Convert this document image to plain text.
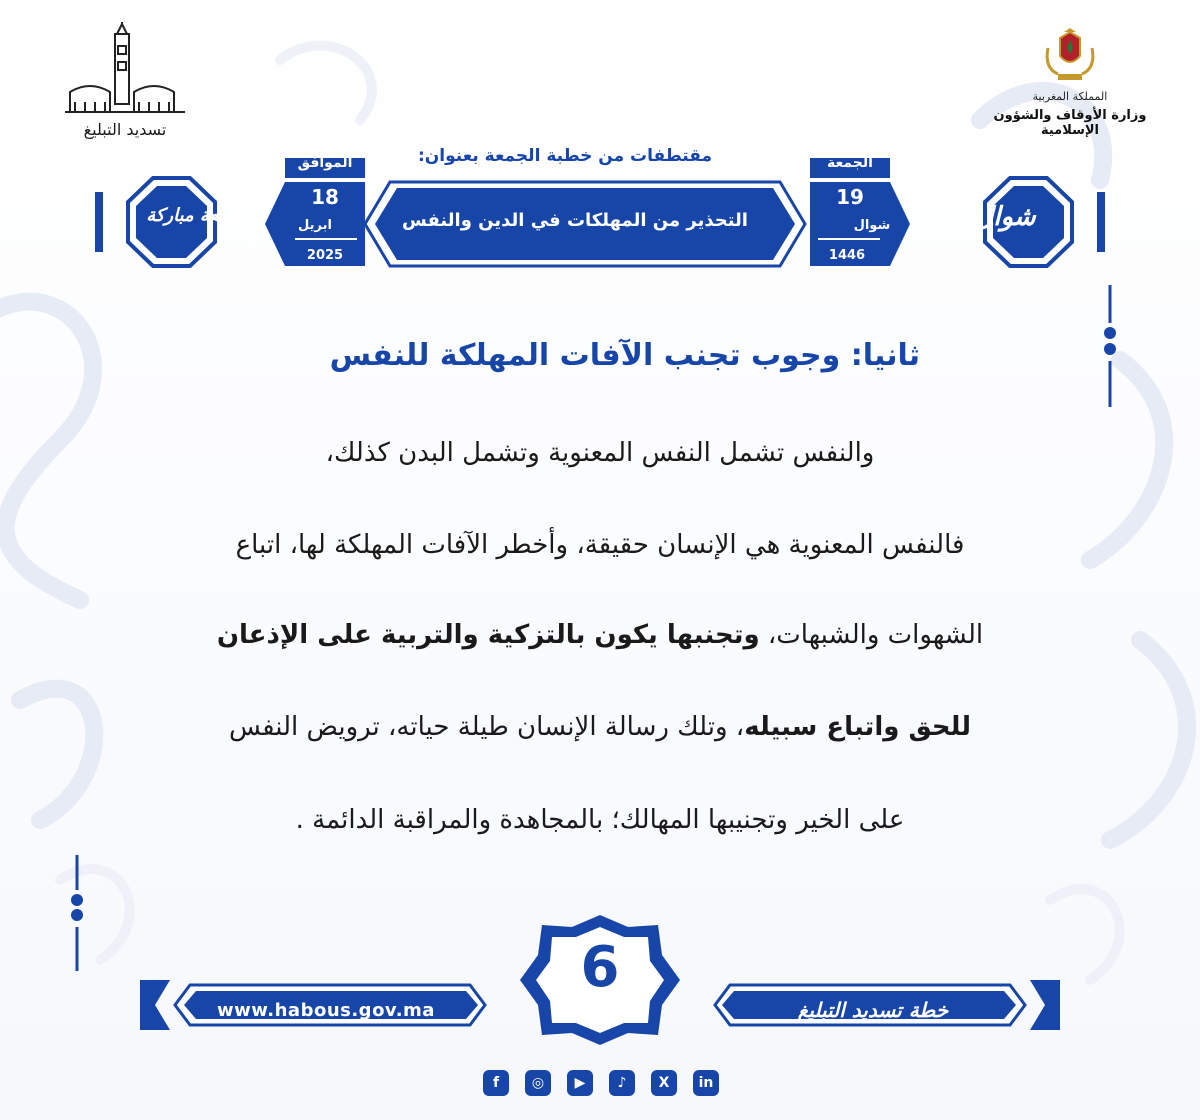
تسديد التبليغ
المملكة المغربية
وزارة الأوقاف والشؤون الإسلامية
جمعة مباركة	شوال
مقتطفات من خطبة الجمعة بعنوان:
التحذير من المهلكات في الدين والنفس
الموافق
18
ابريل
2025
الجمعة
19
شوال
1446
ثانيا: وجوب تجنب الآفات المهلكة للنفس
والنفس تشمل النفس المعنوية وتشمل البدن كذلك،
فالنفس المعنوية هي الإنسان حقيقة، وأخطر الآفات المهلكة لها، اتباع
الشهوات والشبهات، وتجنبها يكون بالتزكية والتربية على الإذعان
للحق واتباع سبيله، وتلك رسالة الإنسان طيلة حياته، ترويض النفس
على الخير وتجنيبها المهالك؛ بالمجاهدة والمراقبة الدائمة .
www.habous.gov.ma
6
خطة تسديد التبليغ
f	◎	▶	♪	X	in
